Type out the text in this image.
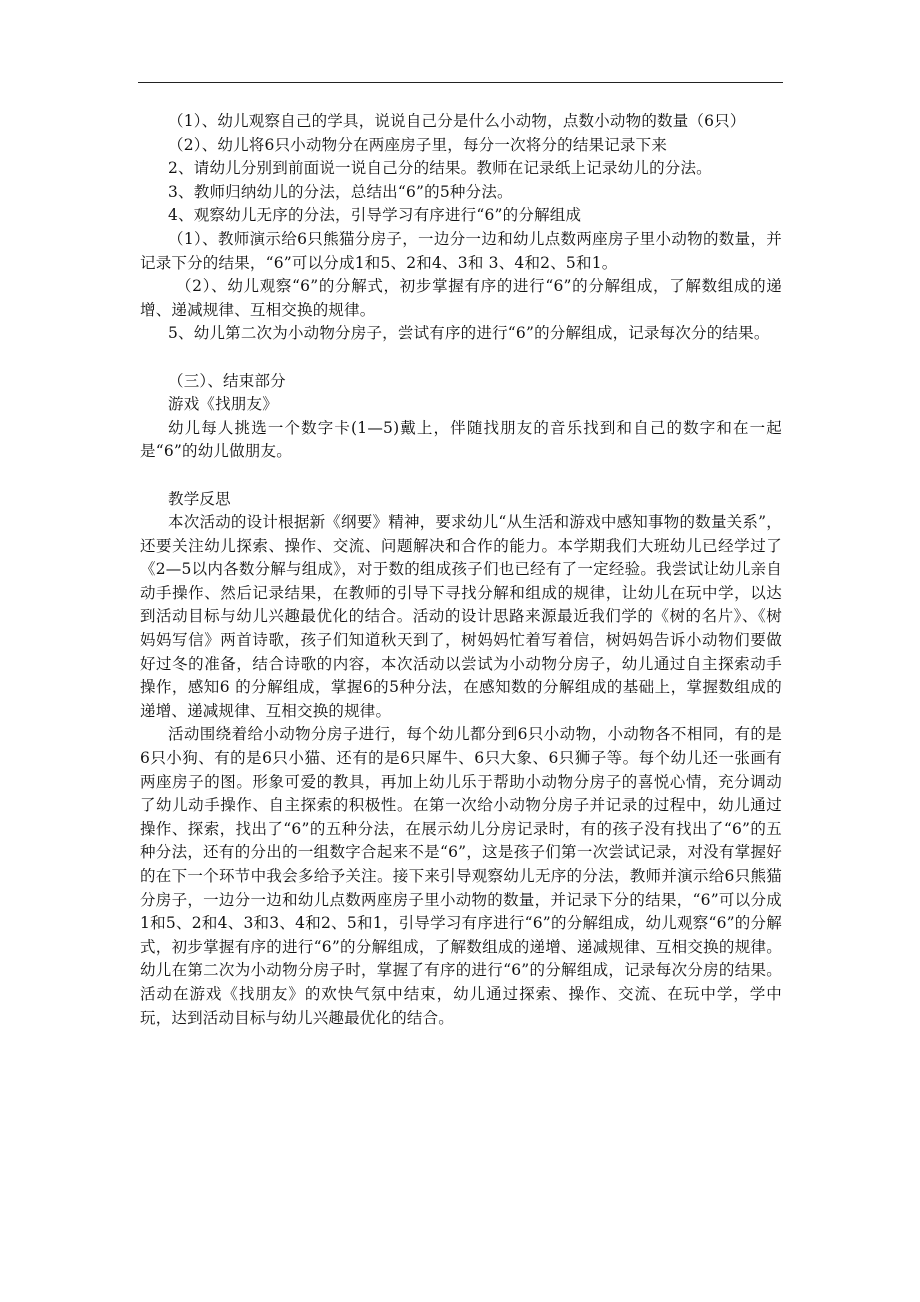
（1）、幼儿观察自己的学具，说说自己分是什么小动物，点数小动物的数量（6只）

（2）、幼儿将6只小动物分在两座房子里，每分一次将分的结果记录下来

2、请幼儿分别到前面说一说自己分的结果。教师在记录纸上记录幼儿的分法。

3、教师归纳幼儿的分法，总结出“6”的5种分法。

4、观察幼儿无序的分法，引导学习有序进行“6”的分解组成

（1）、教师演示给6只熊猫分房子，一边分一边和幼儿点数两座房子里小动物的数量，并记录下分的结果，“6”可以分成1和5、2和4、3和 3、4和2、5和1。

（2）、幼儿观察“6”的分解式，初步掌握有序的进行“6”的分解组成，了解数组成的递增、递减规律、互相交换的规律。

5、幼儿第二次为小动物分房子，尝试有序的进行“6”的分解组成，记录每次分的结果。

（三）、结束部分

游戏《找朋友》

幼儿每人挑选一个数字卡(1—5)戴上，伴随找朋友的音乐找到和自己的数字和在一起是“6”的幼儿做朋友。

教学反思

本次活动的设计根据新《纲要》精神，要求幼儿“从生活和游戏中感知事物的数量关系”，还要关注幼儿探索、操作、交流、问题解决和合作的能力。本学期我们大班幼儿已经学过了《2—5以内各数分解与组成》，对于数的组成孩子们也已经有了一定经验。我尝试让幼儿亲自动手操作、然后记录结果，在教师的引导下寻找分解和组成的规律，让幼儿在玩中学，以达到活动目标与幼儿兴趣最优化的结合。活动的设计思路来源最近我们学的《树的名片》、《树妈妈写信》两首诗歌，孩子们知道秋天到了，树妈妈忙着写着信，树妈妈告诉小动物们要做好过冬的准备，结合诗歌的内容，本次活动以尝试为小动物分房子，幼儿通过自主探索动手操作，感知6 的分解组成，掌握6的5种分法，在感知数的分解组成的基础上，掌握数组成的递增、递减规律、互相交换的规律。

活动围绕着给小动物分房子进行，每个幼儿都分到6只小动物，小动物各不相同，有的是6只小狗、有的是6只小猫、还有的是6只犀牛、6只大象、6只狮子等。每个幼儿还一张画有两座房子的图。形象可爱的教具，再加上幼儿乐于帮助小动物分房子的喜悦心情，充分调动了幼儿动手操作、自主探索的积极性。在第一次给小动物分房子并记录的过程中，幼儿通过操作、探索，找出了“6”的五种分法，在展示幼儿分房记录时，有的孩子没有找出了“6”的五种分法，还有的分出的一组数字合起来不是“6”，这是孩子们第一次尝试记录，对没有掌握好的在下一个环节中我会多给予关注。接下来引导观察幼儿无序的分法，教师并演示给6只熊猫分房子，一边分一边和幼儿点数两座房子里小动物的数量，并记录下分的结果，“6”可以分成1和5、2和4、3和3、4和2、5和1，引导学习有序进行“6”的分解组成，幼儿观察“6”的分解式，初步掌握有序的进行“6”的分解组成，了解数组成的递增、递减规律、互相交换的规律。幼儿在第二次为小动物分房子时，掌握了有序的进行“6”的分解组成，记录每次分房的结果。活动在游戏《找朋友》的欢快气氛中结束，幼儿通过探索、操作、交流、在玩中学，学中玩，达到活动目标与幼儿兴趣最优化的结合。
